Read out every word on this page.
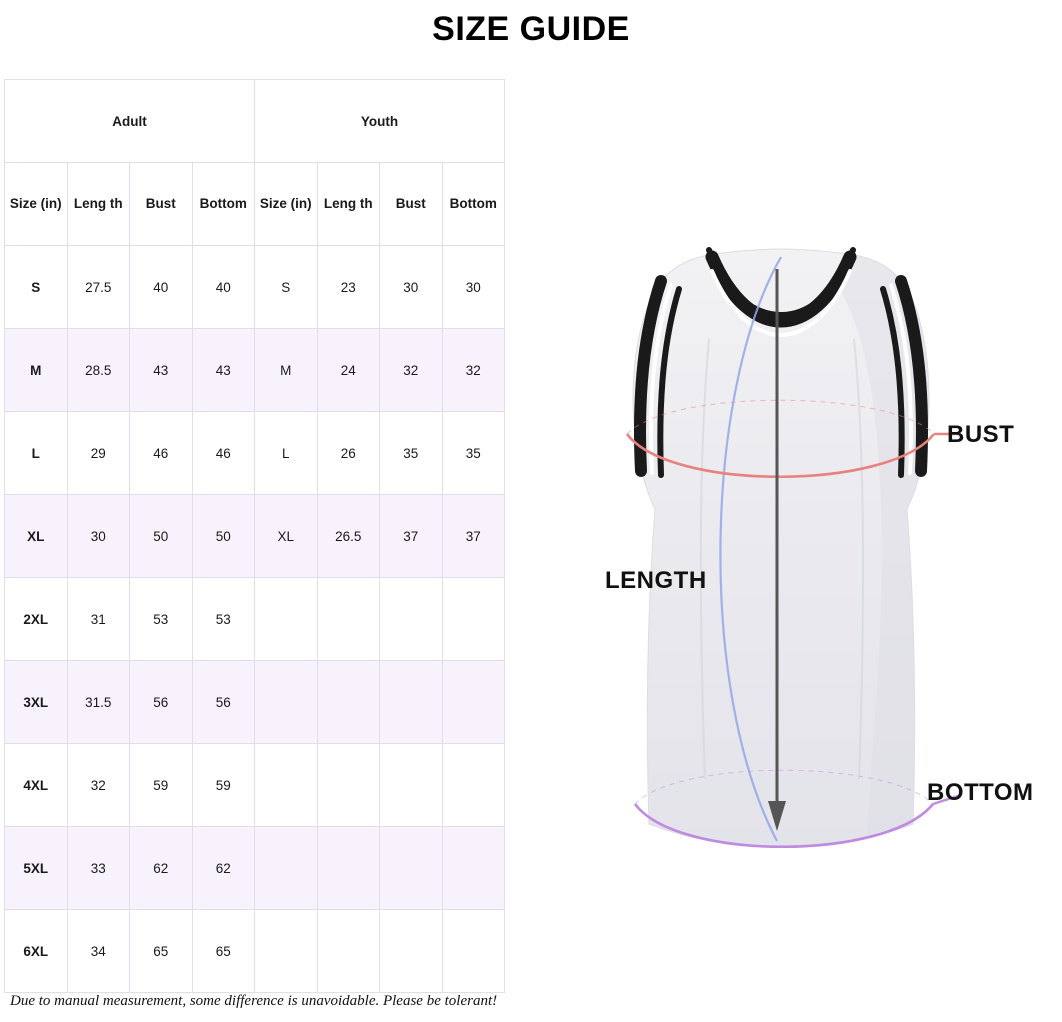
SIZE GUIDE
Adult				Youth			
Size (in)	Leng th	Bust	Bottom	Size (in)	Leng th	Bust	Bottom
S	27.5	40	40	S	23	30	30
M	28.5	43	43	M	24	32	32
L	29	46	46	L	26	35	35
XL	30	50	50	XL	26.5	37	37
2XL	31	53	53				
3XL	31.5	56	56				
4XL	32	59	59				
5XL	33	62	62				
6XL	34	65	65				
BUST
LENGTH
BOTTOM
Due to manual measurement, some difference is unavoidable. Please be tolerant!
